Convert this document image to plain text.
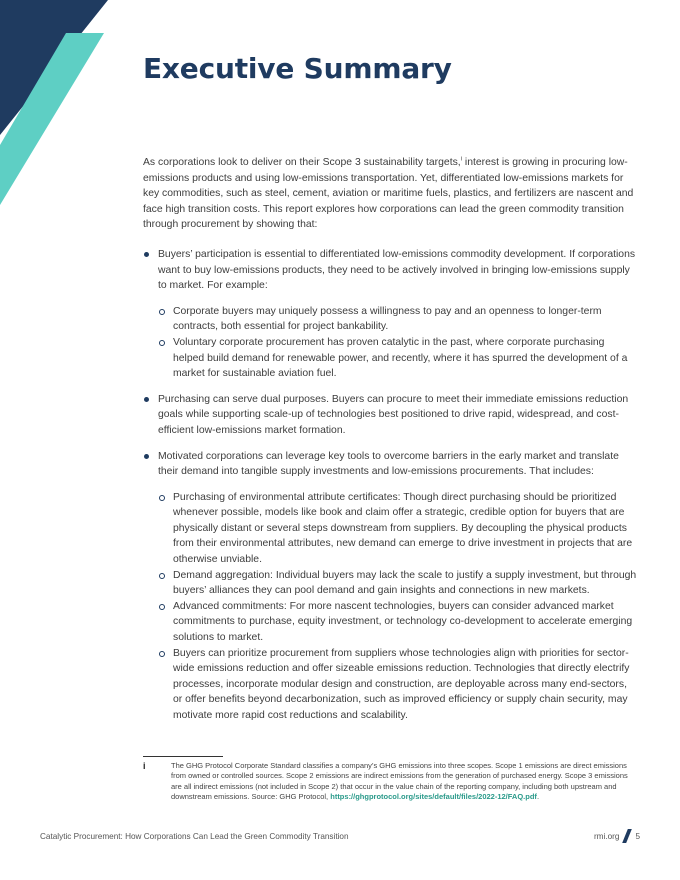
Executive Summary

As corporations look to deliver on their Scope 3 sustainability targets,$^i$ interest is growing in procuring low-emissions products and using low-emissions transportation. Yet, differentiated low-emissions markets for key commodities, such as steel, cement, aviation or maritime fuels, plastics, and fertilizers are nascent and face high transition costs. This report explores how corporations can lead the green commodity transition through procurement by showing that:

Buyers’ participation is essential to differentiated low-emissions commodity development. If corporations want to buy low-emissions products, they need to be actively involved in bringing low-emissions supply to market. For example:
Corporate buyers may uniquely possess a willingness to pay and an openness to longer-term contracts, both essential for project bankability.
Voluntary corporate procurement has proven catalytic in the past, where corporate purchasing helped build demand for renewable power, and recently, where it has spurred the development of a market for sustainable aviation fuel.
Purchasing can serve dual purposes. Buyers can procure to meet their immediate emissions reduction goals while supporting scale-up of technologies best positioned to drive rapid, widespread, and cost-efficient low-emissions market formation.
Motivated corporations can leverage key tools to overcome barriers in the early market and translate their demand into tangible supply investments and low-emissions procurements. That includes:
Purchasing of environmental attribute certificates: Though direct purchasing should be prioritized whenever possible, models like book and claim offer a strategic, credible option for buyers that are physically distant or several steps downstream from suppliers. By decoupling the physical products from their environmental attributes, new demand can emerge to drive investment in projects that are otherwise unviable.
Demand aggregation: Individual buyers may lack the scale to justify a supply investment, but through buyers’ alliances they can pool demand and gain insights and connections in new markets.
Advanced commitments: For more nascent technologies, buyers can consider advanced market commitments to purchase, equity investment, or technology co-development to accelerate emerging solutions to market.
Buyers can prioritize procurement from suppliers whose technologies align with priorities for sector-wide emissions reduction and offer sizeable emissions reduction. Technologies that directly electrify processes, incorporate modular design and construction, are deployable across many end-sectors, or offer benefits beyond decarbonization, such as improved efficiency or supply chain security, may motivate more rapid cost reductions and scalability.
i	The GHG Protocol Corporate Standard classifies a company’s GHG emissions into three scopes. Scope 1 emissions are direct emissions from owned or controlled sources. Scope 2 emissions are indirect emissions from the generation of purchased energy. Scope 3 emissions are all indirect emissions (not included in Scope 2) that occur in the value chain of the reporting company, including both upstream and downstream emissions. Source: GHG Protocol, https://ghgprotocol.org/sites/default/files/2022-12/FAQ.pdf.
Catalytic Procurement: How Corporations Can Lead the Green Commodity Transition	rmi.org 5
